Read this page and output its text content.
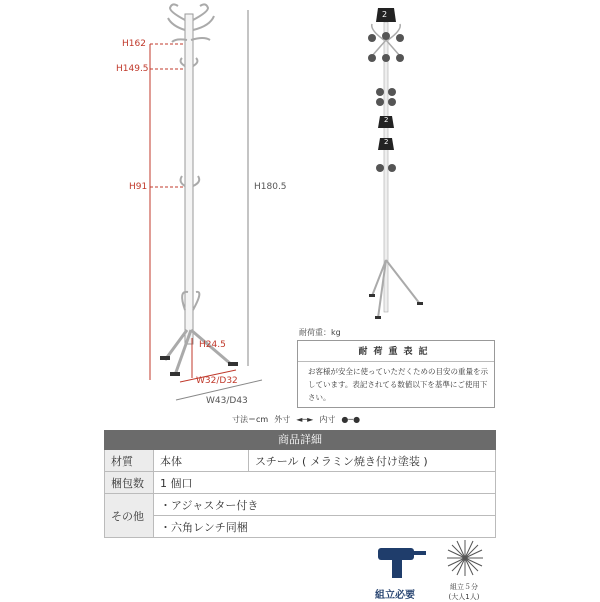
H162
H149.5
H91
H24.5
W32/D32
H180.5
W43/D43
2
2
2
耐荷重：kg
耐荷重表記
お客様が安全に使っていただくための目安の重量を示しています。表記されてる数値以下を基準にご使用下さい。
寸法＝cm 外寸 ◄─► 内寸 ●─●
商品詳細
材質	本体	スチール ( メラミン焼き付け塗装 )
梱包数	1 個口
その他
・アジャスター付き
・六角レンチ同梱
組立必要
組立５分
(大人1人)
